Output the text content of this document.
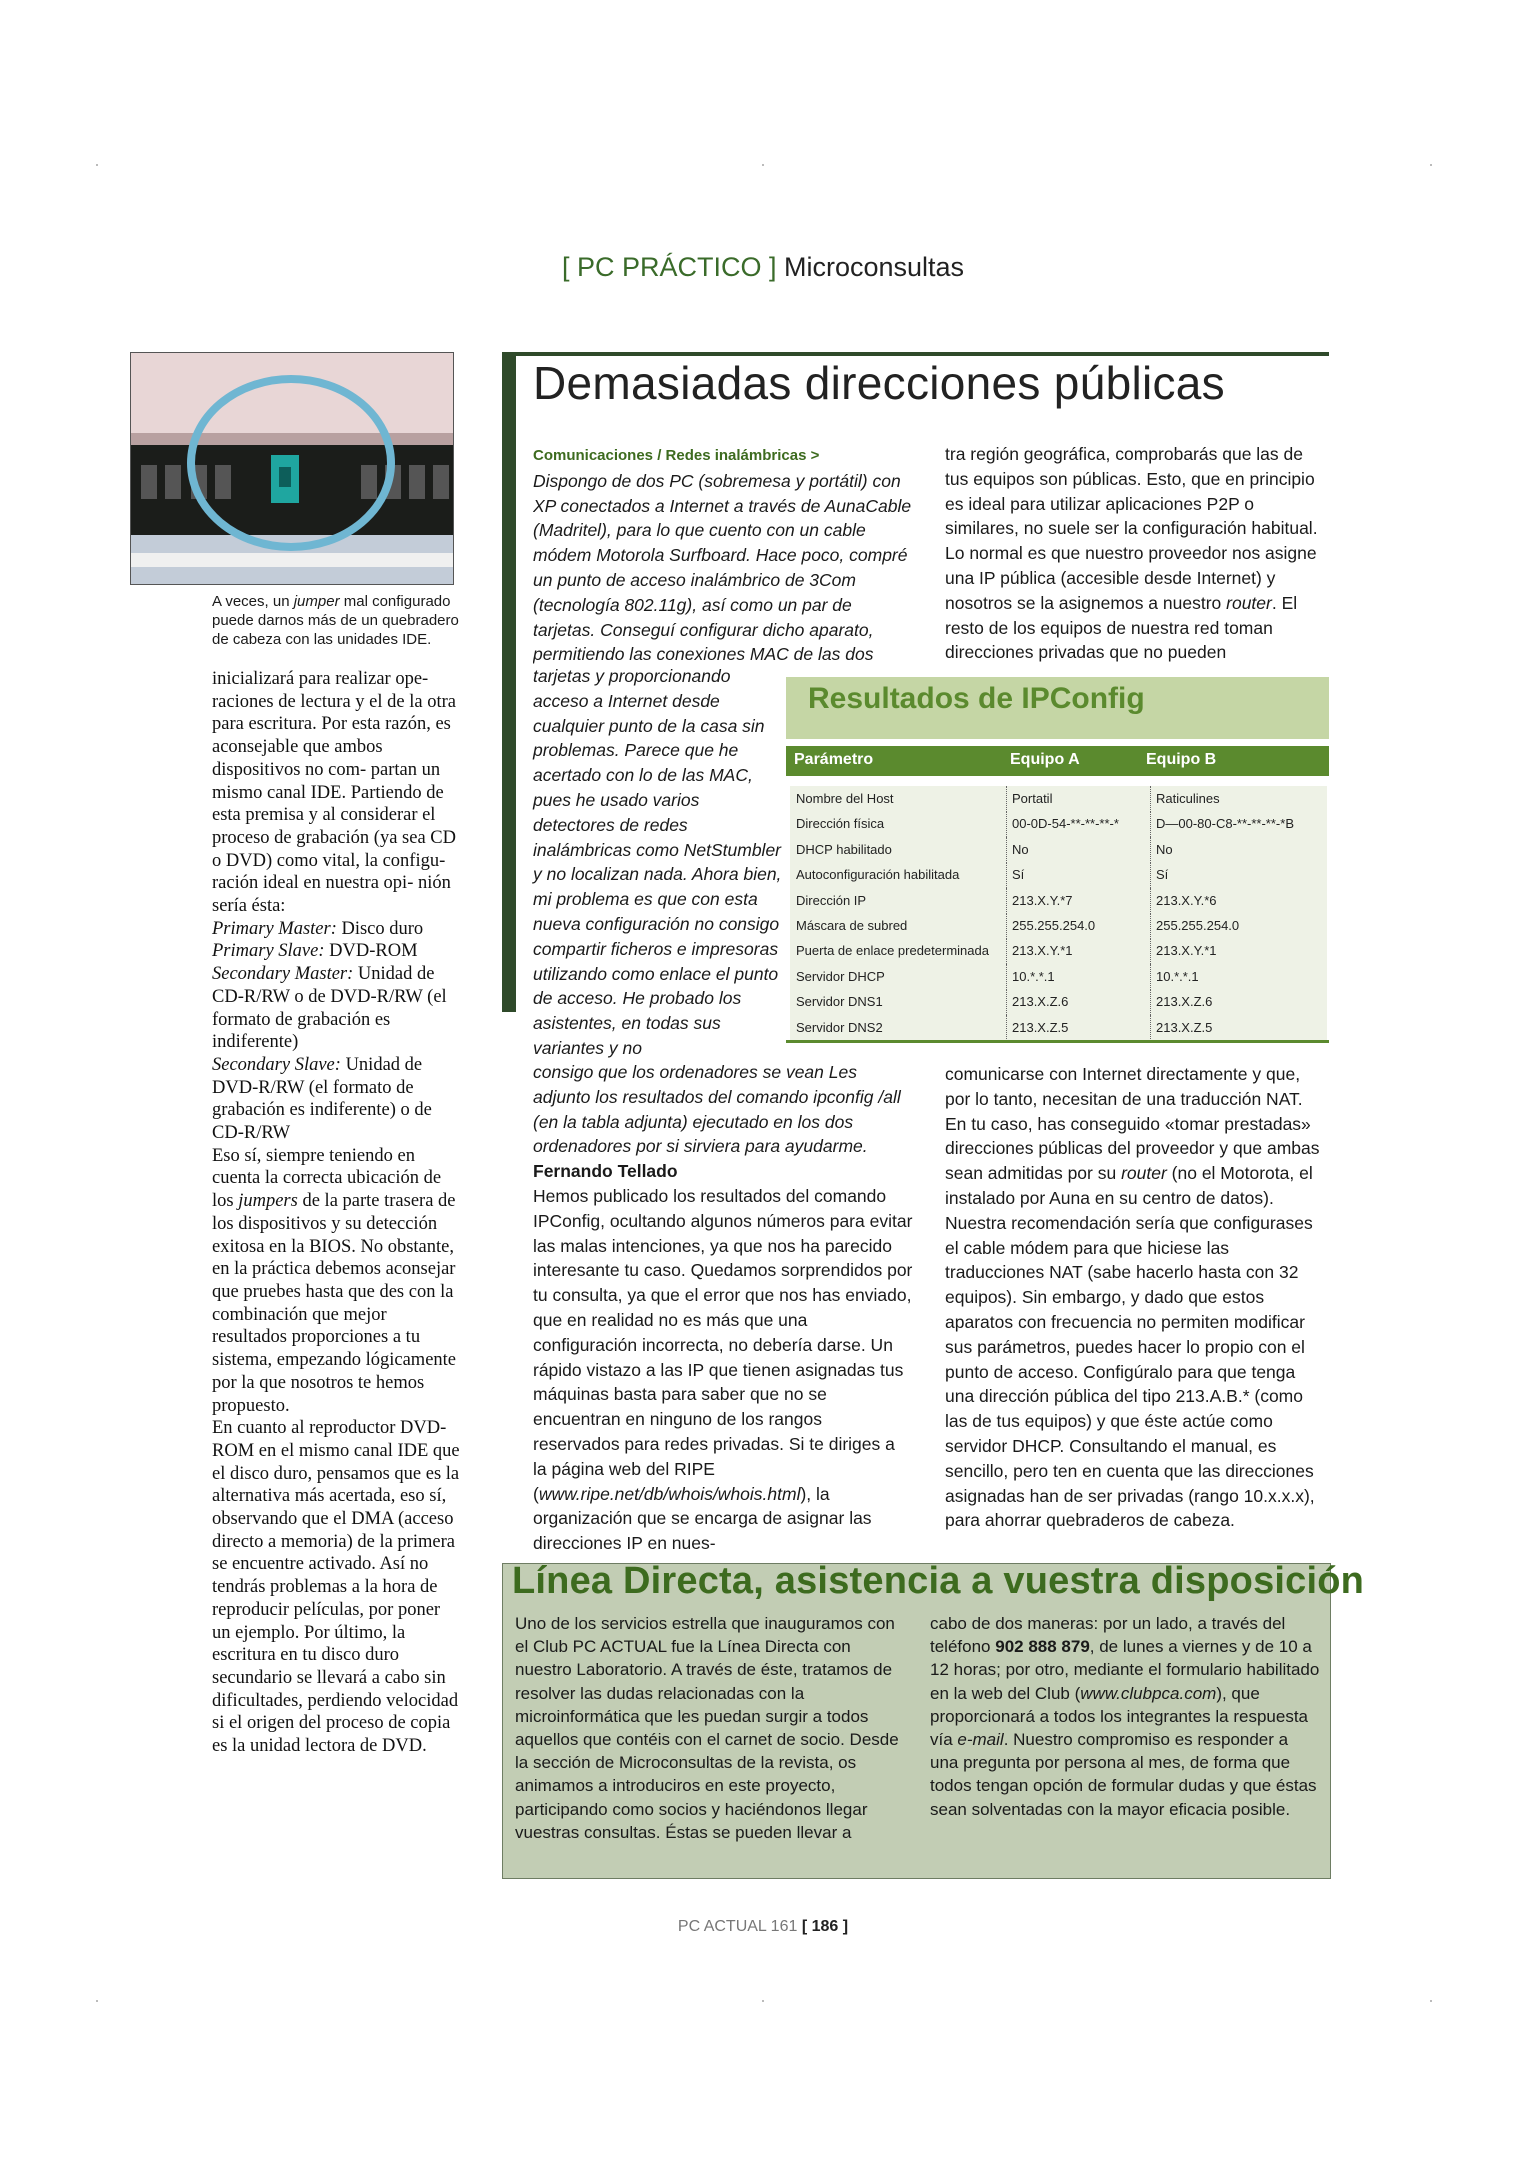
[ PC PRÁCTICO ] Microconsultas
A veces, un jumper mal configurado puede darnos más de un quebradero de cabeza con las unidades IDE.

inicializará para realizar ope- raciones de lectura y el de la otra para escritura. Por esta razón, es aconsejable que ambos dispositivos no com- partan un mismo canal IDE. Partiendo de esta premisa y al considerar el proceso de grabación (ya sea CD o DVD) como vital, la configu- ración ideal en nuestra opi- nión sería ésta:

Primary Master: Disco duro

Primary Slave: DVD-ROM

Secondary Master: Unidad de CD-R/RW o de DVD-R/RW (el formato de grabación es indiferente)

Secondary Slave: Unidad de DVD-R/RW (el formato de grabación es indiferente) o de CD-R/RW

Eso sí, siempre teniendo en cuenta la correcta ubicación de los jumpers de la parte trasera de los dispositivos y su detección exitosa en la BIOS. No obstante, en la práctica debemos aconsejar que pruebes hasta que des con la combinación que mejor resultados proporciones a tu sistema, empezando lógicamente por la que nosotros te hemos propuesto.

En cuanto al reproductor DVD-ROM en el mismo canal IDE que el disco duro, pensamos que es la alternativa más acertada, eso sí, observando que el DMA (acceso directo a memoria) de la primera se encuentre activado. Así no tendrás problemas a la hora de reproducir películas, por poner un ejemplo. Por último, la escritura en tu disco duro secundario se llevará a cabo sin dificultades, perdiendo velocidad si el origen del proceso de copia es la unidad lectora de DVD.

Demasiadas direcciones públicas
Comunicaciones / Redes inalámbricas >
Dispongo de dos PC (sobremesa y portátil) con XP conectados a Internet a través de AunaCable (Madritel), para lo que cuento con un cable módem Motorola Surfboard. Hace poco, compré un punto de acceso inalámbrico de 3Com (tecnología 802.11g), así como un par de tarjetas. Conseguí configurar dicho aparato, permitiendo las conexiones MAC de las dos
tarjetas y proporcionando acceso a Internet desde cualquier punto de la casa sin problemas. Parece que he acertado con lo de las MAC, pues he usado varios detectores de redes inalámbricas como NetStumbler y no localizan nada. Ahora bien, mi problema es que con esta nueva configuración no consigo compartir ficheros e impresoras utilizando como enlace el punto de acceso. He probado los asistentes, en todas sus variantes y no

consigo que los ordenadores se vean Les adjunto los resultados del comando ipconfig /all (en la tabla adjunta) ejecutado en los dos ordenadores por si sirviera para ayudarme.

Fernando Tellado

Hemos publicado los resultados del comando IPConfig, ocultando algunos números para evitar las malas intenciones, ya que nos ha parecido interesante tu caso. Quedamos sorprendidos por tu consulta, ya que el error que nos has enviado, que en realidad no es más que una configuración incorrecta, no debería darse. Un rápido vistazo a las IP que tienen asignadas tus máquinas basta para saber que no se encuentran en ninguno de los rangos reservados para redes privadas. Si te diriges a la página web del RIPE (www.ripe.net/db/whois/whois.html), la organización que se encarga de asignar las direcciones IP en nues-

tra región geográfica, comprobarás que las de tus equipos son públicas. Esto, que en principio es ideal para utilizar aplicaciones P2P o similares, no suele ser la configuración habitual. Lo normal es que nuestro proveedor nos asigne una IP pública (accesible desde Internet) y nosotros se la asignemos a nuestro router. El resto de los equipos de nuestra red toman direcciones privadas que no pueden

comunicarse con Internet directamente y que, por lo tanto, necesitan de una traducción NAT. En tu caso, has conseguido «tomar prestadas» direcciones públicas del proveedor y que ambas sean admitidas por su router (no el Motorota, el instalado por Auna en su centro de datos). Nuestra recomendación sería que configurases el cable módem para que hiciese las traducciones NAT (sabe hacerlo hasta con 32 equipos). Sin embargo, y dado que estos aparatos con frecuencia no permiten modificar sus parámetros, puedes hacer lo propio con el punto de acceso. Configúralo para que tenga una dirección pública del tipo 213.A.B.* (como las de tus equipos) y que éste actúe como servidor DHCP. Consultando el manual, es sencillo, pero ten en cuenta que las direcciones asignadas han de ser privadas (rango 10.x.x.x), para ahorrar quebraderos de cabeza.

Resultados de IPConfig
Parámetro	Equipo A	Equipo B
Nombre del Host	Portatil	Raticulines
Dirección física	00-0D-54-**-**-**-*	D—00-80-C8-**-**-**-*B
DHCP habilitado	No	No
Autoconfiguración habilitada	Sí	Sí
Dirección IP	213.X.Y.*7	213.X.Y.*6
Máscara de subred	255.255.254.0	255.255.254.0
Puerta de enlace predeterminada 213.X.Y.*1	213.X.Y.*1
Servidor DHCP	10.*.*.1	10.*.*.1
Servidor DNS1	213.X.Z.6	213.X.Z.6
Servidor DNS2	213.X.Z.5	213.X.Z.5
Línea Directa, asistencia a vuestra disposición

Uno de los servicios estrella que inauguramos con el Club PC ACTUAL fue la Línea Directa con nuestro Laboratorio. A través de éste, tratamos de resolver las dudas relacionadas con la microinformática que les puedan surgir a todos aquellos que contéis con el carnet de socio. Desde la sección de Microconsultas de la revista, os animamos a introduciros en este proyecto, participando como socios y haciéndonos llegar vuestras consultas. Éstas se pueden llevar a

cabo de dos maneras: por un lado, a través del teléfono 902 888 879, de lunes a viernes y de 10 a 12 horas; por otro, mediante el formulario habilitado en la web del Club (www.clubpca.com), que proporcionará a todos los integrantes la respuesta vía e-mail. Nuestro compromiso es responder a una pregunta por persona al mes, de forma que todos tengan opción de formular dudas y que éstas sean solventadas con la mayor eficacia posible.

PC ACTUAL 161 [ 186 ]
